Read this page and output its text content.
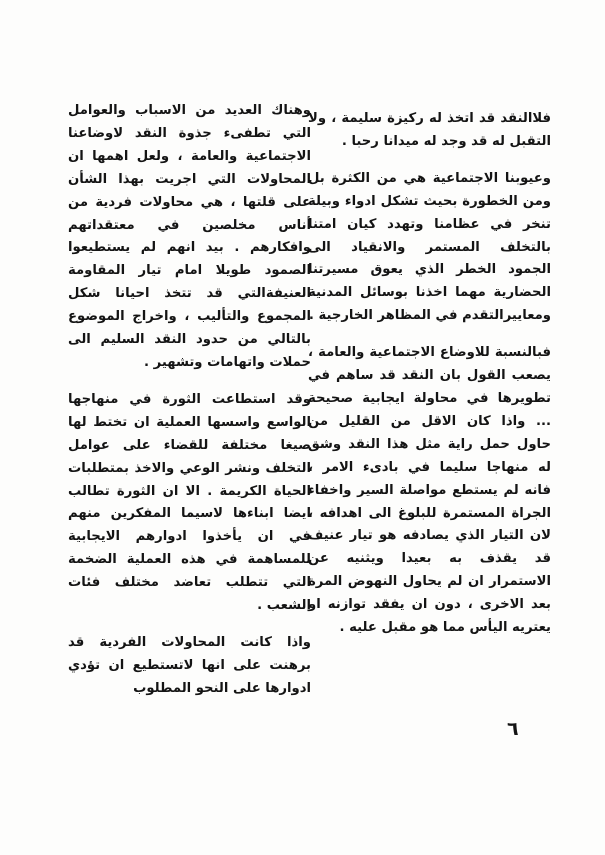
فلاالنقد قد اتخذ له ركيزة سليمة ، ولا التقبل له قد وجد له ميدانا رحبا .

وعيوبنا الاجتماعية هي من الكثرة بل ومن الخطورة بحيث تشكل ادواء وبيلة تنخر في عظامنا وتهدد كيان امتنا بالتخلف المستمر والانقياد الى الجمود الخطر الذي يعوق مسيرتنا الحضارية مهما اخذنا بوسائل المدنية ومعاييرالتقدم في المظاهر الخارجية .

فبالنسبة للاوضاع الاجتماعية والعامة ، يصعب القول بان النقد قد ساهم في تطويرها في محاولة ايجابية صحيحة ... واذا كان الاقل من القليل من حاول حمل راية مثل هذا النقد وشق له منهاجا سليما في بادىء الامر ، فانه لم يستطع مواصلة السير واخفاء الجراة المستمرة للبلوغ الى اهدافه ، لان التيار الذي يصادفه هو تيار عنيف قد يقذف به بعيدا ويثنيه عن الاستمرار ان لم يحاول النهوض المرة بعد الاخرى ، دون ان يفقد توازنه او يعتريه اليأس مما هو مقبل عليه .

وهناك العديد من الاسباب والعوامل التي تطفىء جذوة النقد لاوضاعنا الاجتماعية والعامة ، ولعل اهمها ان المحاولات التي اجريت بهذا الشأن على قلتها ، هي محاولات فردية من أناس مخلصين في معتقداتهم وافكارهم . بيد انهم لم يستطيعوا الصمود طويلا امام تيار المقاومة العنيفةالتي قد تتخذ احيانا شكل المجموع والتأليب ، واخراج الموضوع بالتالي من حدود النقد السليم الى حملات واتهامات وتشهير .

وقد استطاعت الثورة في منهاجها الواسع واسسها العملية ان تختط لها صيغا مختلفة للقضاء على عوامل التخلف ونشر الوعي والاخذ بمتطلبات الحياة الكريمة . الا ان الثورة تطالب ايضا ابناءها لاسيما المفكرين منهم في ان يأخذوا ادوارهم الايجابية للمساهمة في هذه العملية الضخمة التي تتطلب تعاضد مختلف فئات الشعب .

واذا كانت المحاولات الفردية قد برهنت على انها لاتستطيع ان تؤدي ادوارها على النحو المطلوب

٦
